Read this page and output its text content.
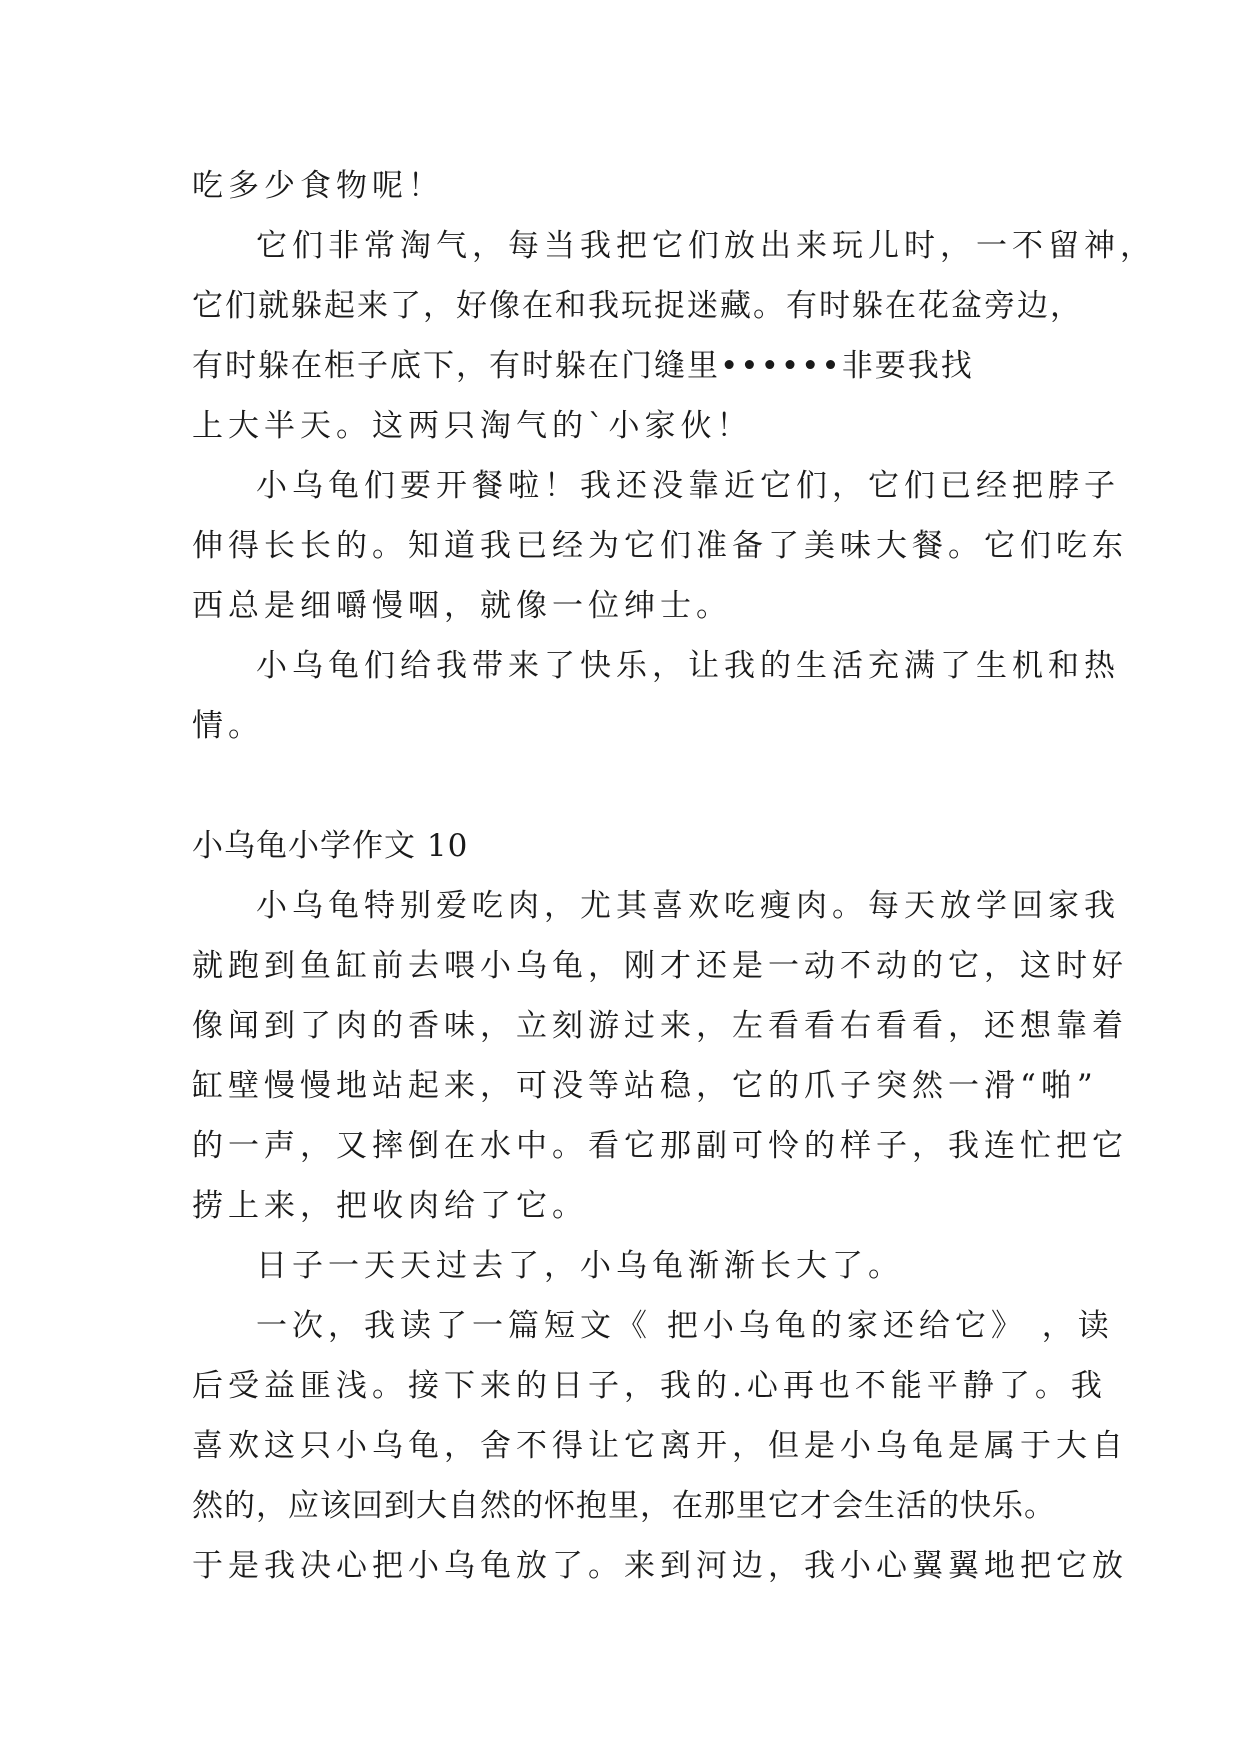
吃多少食物呢！
它们非常淘气，每当我把它们放出来玩儿时，一不留神，
它们就躲起来了，好像在和我玩捉迷藏。有时躲在花盆旁边，
有时躲在柜子底下，有时躲在门缝里••••••非要我找
上大半天。这两只淘气的`小家伙！
小乌龟们要开餐啦！我还没靠近它们，它们已经把脖子
伸得长长的。知道我已经为它们准备了美味大餐。它们吃东
西总是细嚼慢咽，就像一位绅士。
小乌龟们给我带来了快乐，让我的生活充满了生机和热
情。
小乌龟小学作文 10
小乌龟特别爱吃肉，尤其喜欢吃瘦肉。每天放学回家我
就跑到鱼缸前去喂小乌龟，刚才还是一动不动的它，这时好
像闻到了肉的香味，立刻游过来，左看看右看看，还想靠着
缸壁慢慢地站起来，可没等站稳，它的爪子突然一滑“啪”
的一声，又摔倒在水中。看它那副可怜的样子，我连忙把它
捞上来，把收肉给了它。
日子一天天过去了，小乌龟渐渐长大了。
一次，我读了一篇短文《 把小乌龟的家还给它》 ，读
后受益匪浅。接下来的日子，我的.心再也不能平静了。我
喜欢这只小乌龟，舍不得让它离开，但是小乌龟是属于大自
然的，应该回到大自然的怀抱里，在那里它才会生活的快乐。
于是我决心把小乌龟放了。来到河边，我小心翼翼地把它放
